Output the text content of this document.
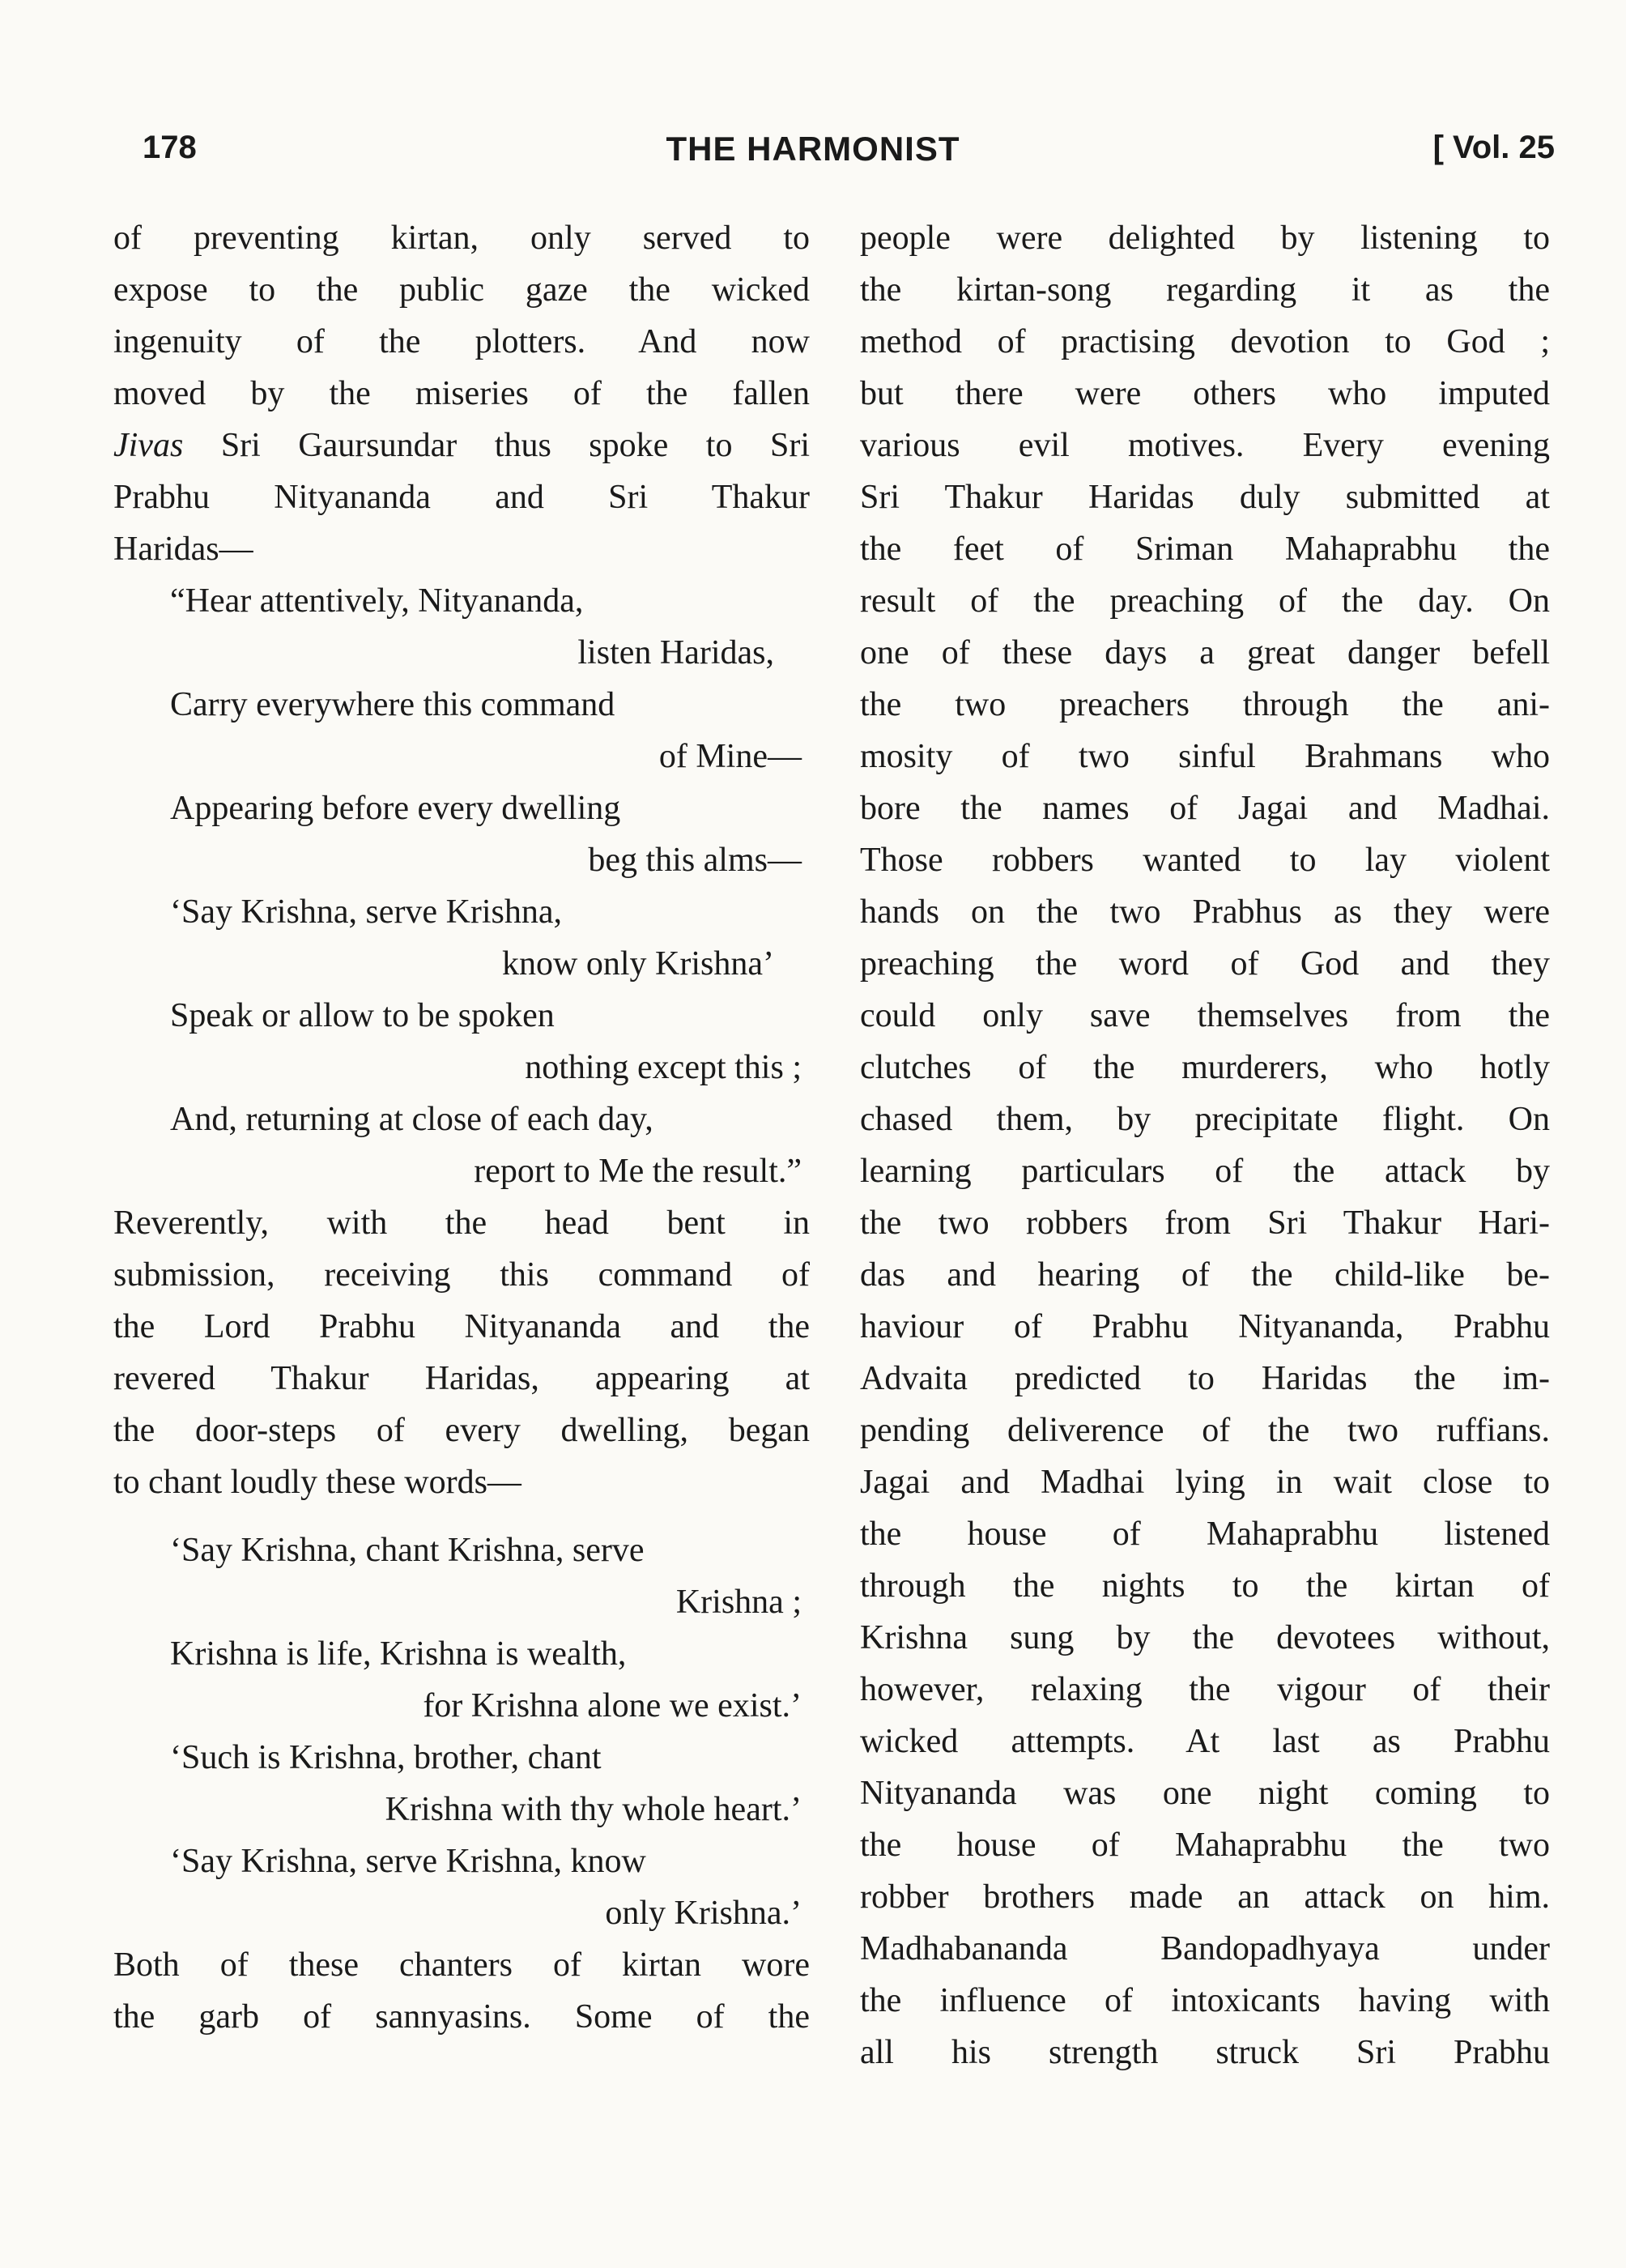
178	THE HARMONIST	[ Vol. 25
of preventing kirtan, only served to
expose to the public gaze the wicked
ingenuity of the plotters. And now
moved by the miseries of the fallen
Jivas Sri Gaursundar thus spoke to Sri
Prabhu Nityananda and Sri Thakur
Haridas—
“Hear attentively, Nityananda,
listen Haridas,
Carry everywhere this command
of Mine—
Appearing before every dwelling
beg this alms—
‘Say Krishna, serve Krishna,
know only Krishna’
Speak or allow to be spoken
nothing except this ;
And, returning at close of each day,
report to Me the result.”
Reverently, with the head bent in
submission, receiving this command of
the Lord Prabhu Nityananda and the
revered Thakur Haridas, appearing at
the door-steps of every dwelling, began
to chant loudly these words—
‘Say Krishna, chant Krishna, serve
Krishna ;
Krishna is life, Krishna is wealth,
for Krishna alone we exist.’
‘Such is Krishna, brother, chant
Krishna with thy whole heart.’
‘Say Krishna, serve Krishna, know
only Krishna.’
Both of these chanters of kirtan wore
the garb of sannyasins. Some of the
people were delighted by listening to
the kirtan-song regarding it as the
method of practising devotion to God ;
but there were others who imputed
various evil motives. Every evening
Sri Thakur Haridas duly submitted at
the feet of Sriman Mahaprabhu the
result of the preaching of the day. On
one of these days a great danger befell
the two preachers through the ani-
mosity of two sinful Brahmans who
bore the names of Jagai and Madhai.
Those robbers wanted to lay violent
hands on the two Prabhus as they were
preaching the word of God and they
could only save themselves from the
clutches of the murderers, who hotly
chased them, by precipitate flight. On
learning particulars of the attack by
the two robbers from Sri Thakur Hari-
das and hearing of the child-like be-
haviour of Prabhu Nityananda, Prabhu
Advaita predicted to Haridas the im-
pending deliverence of the two ruffians.
Jagai and Madhai lying in wait close to
the house of Mahaprabhu listened
through the nights to the kirtan of
Krishna sung by the devotees without,
however, relaxing the vigour of their
wicked attempts. At last as Prabhu
Nityananda was one night coming to
the house of Mahaprabhu the two
robber brothers made an attack on him.
Madhabananda Bandopadhyaya under
the influence of intoxicants having with
all his strength struck Sri Prabhu
